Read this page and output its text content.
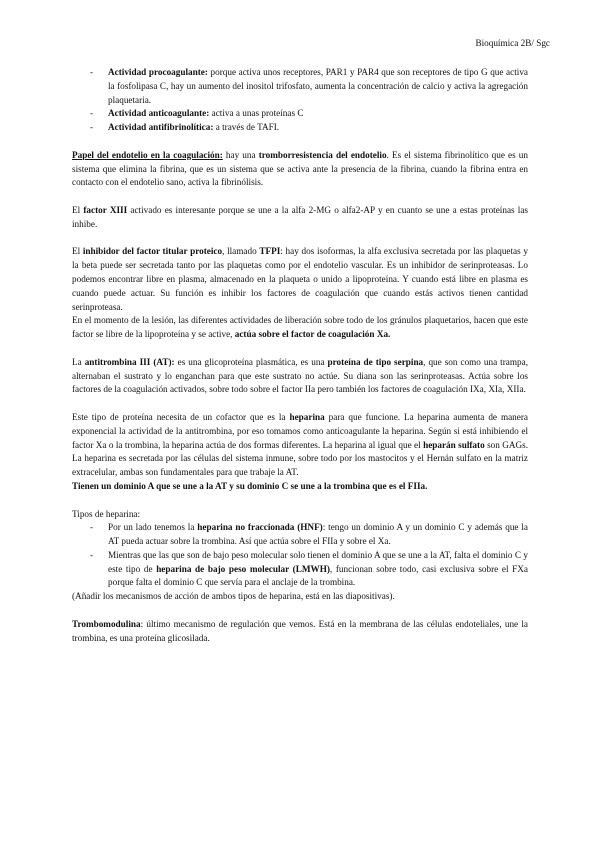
Bioquímica 2B/ Sgc
- Actividad procoagulante: porque activa unos receptores, PAR1 y PAR4 que son receptores de tipo G que activa la fosfolipasa C, hay un aumento del inositol trifosfato, aumenta la concentración de calcio y activa la agregación plaquetaria.
- Actividad anticoagulante: activa a unas proteínas C
- Actividad antifibrinolítica: a través de TAFI.

Papel del endotelio en la coagulación: hay una tromborresistencia del endotelio. Es el sistema fibrinolítico que es un sistema que elimina la fibrina, que es un sistema que se activa ante la presencia de la fibrina, cuando la fibrina entra en contacto con el endotelio sano, activa la fibrinólisis.

El factor XIII activado es interesante porque se une a la alfa 2-MG o alfa2-AP y en cuanto se une a estas proteínas las inhibe.

El inhibidor del factor titular proteico, llamado TFPI: hay dos isoformas, la alfa exclusiva secretada por las plaquetas y la beta puede ser secretada tanto por las plaquetas como por el endotelio vascular. Es un inhibidor de serinproteasas. Lo podemos encontrar libre en plasma, almacenado en la plaqueta o unido a lipoproteína. Y cuando está libre en plasma es cuando puede actuar. Su función es inhibir los factores de coagulación que cuando estás activos tienen cantidad serinproteasa.

En el momento de la lesión, las diferentes actividades de liberación sobre todo de los gránulos plaquetarios, hacen que este factor se libre de la lipoproteína y se active, actúa sobre el factor de coagulación Xa.

La antitrombina III (AT): es una glicoproteína plasmática, es una proteína de tipo serpina, que son como una trampa, alternaban el sustrato y lo enganchan para que este sustrato no actúe. Su diana son las serinproteasas. Actúa sobre los factores de la coagulación activados, sobre todo sobre el factor IIa pero también los factores de coagulación IXa, XIa, XIIa.

Este tipo de proteína necesita de un cofactor que es la heparina para que funcione. La heparina aumenta de manera exponencial la actividad de la antitrombina, por eso tomamos como anticoagulante la heparina. Según si está inhibiendo el factor Xa o la trombina, la heparina actúa de dos formas diferentes. La heparina al igual que el heparán sulfato son GAGs. La heparina es secretada por las células del sistema inmune, sobre todo por los mastocitos y el Hernán sulfato en la matriz extracelular, ambas son fundamentales para que trabaje la AT.

Tienen un dominio A que se une a la AT y su dominio C se une a la trombina que es el FIIa.

Tipos de heparina:

- Por un lado tenemos la heparina no fraccionada (HNF): tengo un dominio A y un dominio C y además que la AT pueda actuar sobre la trombina. Así que actúa sobre el FIIa y sobre el Xa.
- Mientras que las que son de bajo peso molecular solo tienen el dominio A que se une a la AT, falta el dominio C y este tipo de heparina de bajo peso molecular (LMWH), funcionan sobre todo, casi exclusiva sobre el FXa porque falta el dominio C que servía para el anclaje de la trombina.

(Añadir los mecanismos de acción de ambos tipos de heparina, está en las diapositivas).

Trombomodulina: último mecanismo de regulación que vemos. Está en la membrana de las células endoteliales, une la trombina, es una proteína glicosilada.
